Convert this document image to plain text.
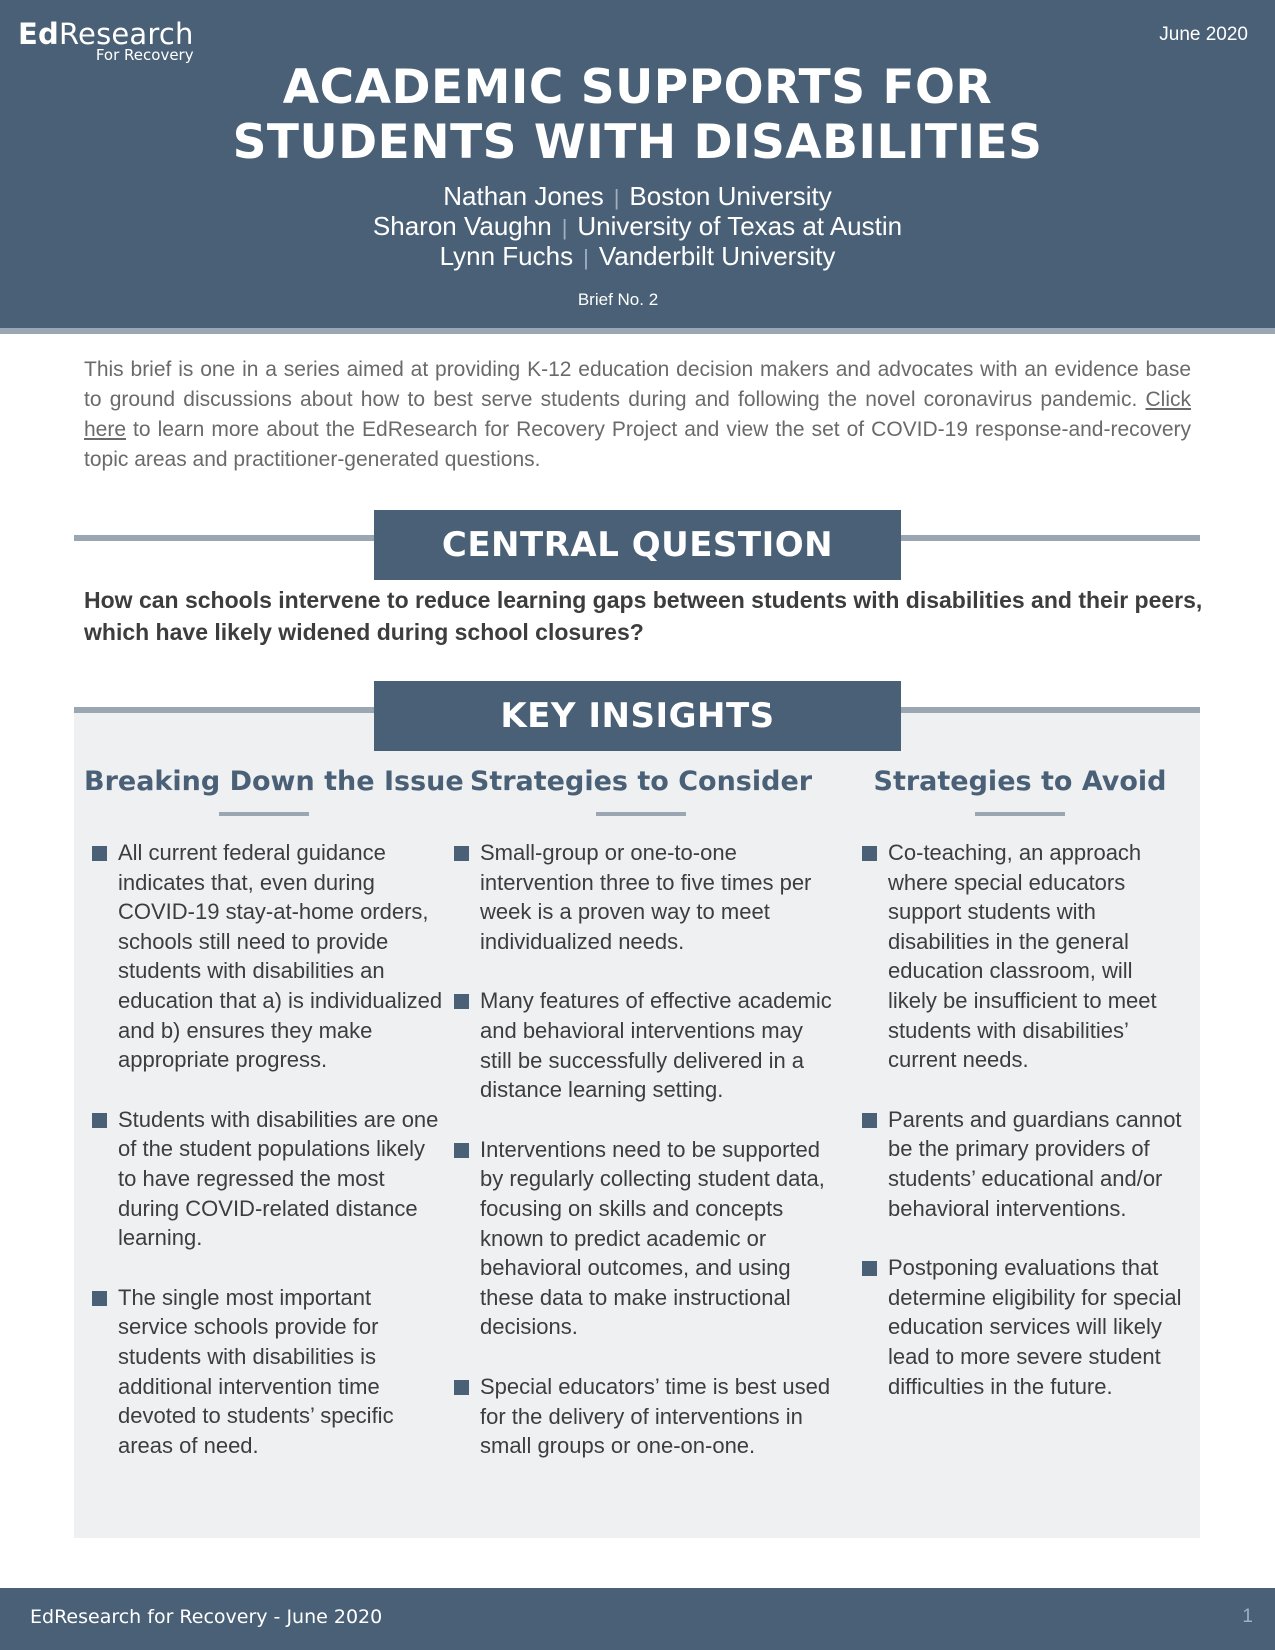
EdResearch
For Recovery
June 2020
ACADEMIC SUPPORTS FOR
STUDENTS WITH DISABILITIES
Nathan Jones | Boston University
Sharon Vaughn | University of Texas at Austin
Lynn Fuchs | Vanderbilt University
Brief No. 2

This brief is one in a series aimed at providing K-12 education decision makers and advocates with an evidence base to ground discussions about how to best serve students during and following the novel coronavirus pandemic. Click here to learn more about the EdResearch for Recovery Project and view the set of COVID-19 response-and-recovery topic areas and practitioner-generated questions.

CENTRAL QUESTION

How can schools intervene to reduce learning gaps between students with disabilities and their peers, which have likely widened during school closures?

KEY INSIGHTS
Breaking Down the Issue
All current federal guidance indicates that, even during COVID-19 stay-at-home orders, schools still need to provide students with disabilities an education that a) is individualized and b) ensures they make appropriate progress.
Students with disabilities are one of the student populations likely to have regressed the most during COVID-related distance learning.
The single most important service schools provide for students with disabilities is additional intervention time devoted to students’ specific areas of need.
Strategies to Consider
Small-group or one-to-one intervention three to five times per week is a proven way to meet individualized needs.
Many features of effective academic and behavioral interventions may still be successfully delivered in a distance learning setting.
Interventions need to be supported by regularly collecting student data, focusing on skills and concepts known to predict academic or behavioral outcomes, and using these data to make instructional decisions.
Special educators’ time is best used for the delivery of interventions in small groups or one-on-one.
Strategies to Avoid
Co-teaching, an approach where special educators support students with disabilities in the general education classroom, will likely be insufficient to meet students with disabilities’ current needs.
Parents and guardians cannot be the primary providers of students’ educational and/or behavioral interventions.
Postponing evaluations that determine eligibility for special education services will likely lead to more severe student difficulties in the future.
EdResearch for Recovery - June 2020	1
